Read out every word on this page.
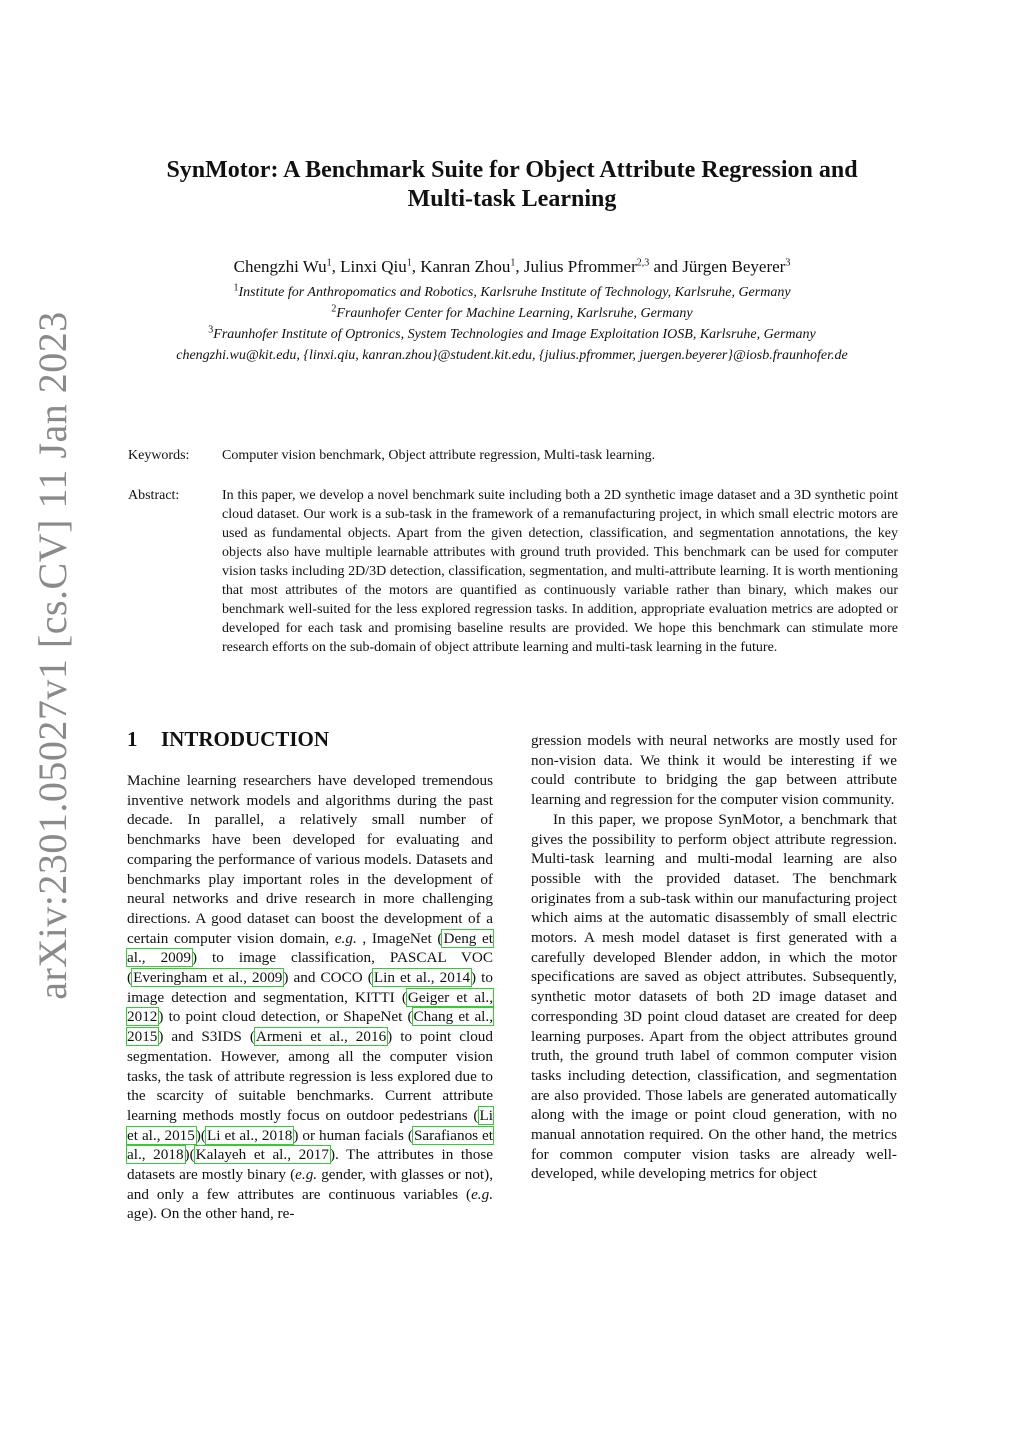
arXiv:2301.05027v1 [cs.CV] 11 Jan 2023
SynMotor: A Benchmark Suite for Object Attribute Regression and
Multi-task Learning
Chengzhi Wu$^1$, Linxi Qiu$^1$, Kanran Zhou$^1$, Julius Pfrommer$^{2,3}$ and Jürgen Beyerer$^3$
$^1$Institute for Anthropomatics and Robotics, Karlsruhe Institute of Technology, Karlsruhe, Germany
$^2$Fraunhofer Center for Machine Learning, Karlsruhe, Germany
$^3$Fraunhofer Institute of Optronics, System Technologies and Image Exploitation IOSB, Karlsruhe, Germany
chengzhi.wu@kit.edu, {linxi.qiu, kanran.zhou}@student.kit.edu, {julius.pfrommer, juergen.beyerer}@iosb.fraunhofer.de
Keywords: Computer vision benchmark, Object attribute regression, Multi-task learning.

Abstract:	In this paper, we develop a novel benchmark suite including both a 2D synthetic image dataset and a 3D synthetic point cloud dataset. Our work is a sub-task in the framework of a remanufacturing project, in which small electric motors are used as fundamental objects. Apart from the given detection, classification, and segmentation annotations, the key objects also have multiple learnable attributes with ground truth provided. This benchmark can be used for computer vision tasks including 2D/3D detection, classification, segmentation, and multi-attribute learning. It is worth mentioning that most attributes of the motors are quantified as continuously variable rather than binary, which makes our benchmark well-suited for the less explored regression tasks. In addition, appropriate evaluation metrics are adopted or developed for each task and promising baseline results are provided. We hope this benchmark can stimulate more research efforts on the sub-domain of object attribute learning and multi-task learning in the future.

1	INTRODUCTION

Machine learning researchers have developed tremendous inventive network models and algorithms during the past decade. In parallel, a relatively small number of benchmarks have been developed for evaluating and comparing the performance of various models. Datasets and benchmarks play important roles in the development of neural networks and drive research in more challenging directions. A good dataset can boost the development of a certain computer vision domain, e.g. , ImageNet (Deng et al., 2009) to image classification, PASCAL VOC (Everingham et al., 2009) and COCO (Lin et al., 2014) to image detection and segmentation, KITTI (Geiger et al., 2012) to point cloud detection, or ShapeNet (Chang et al., 2015) and S3IDS (Armeni et al., 2016) to point cloud segmentation. However, among all the computer vision tasks, the task of attribute regression is less explored due to the scarcity of suitable benchmarks. Current attribute learning methods mostly focus on outdoor pedestrians (Li et al., 2015)(Li et al., 2018) or human facials (Sarafianos et al., 2018)(Kalayeh et al., 2017). The attributes in those datasets are mostly binary (e.g. gender, with glasses or not), and only a few attributes are continuous variables (e.g. age). On the other hand, re-

gression models with neural networks are mostly used for non-vision data. We think it would be interesting if we could contribute to bridging the gap between attribute learning and regression for the computer vision community.

In this paper, we propose SynMotor, a benchmark that gives the possibility to perform object attribute regression. Multi-task learning and multi-modal learning are also possible with the provided dataset. The benchmark originates from a sub-task within our manufacturing project which aims at the automatic disassembly of small electric motors. A mesh model dataset is first generated with a carefully developed Blender addon, in which the motor specifications are saved as object attributes. Subsequently, synthetic motor datasets of both 2D image dataset and corresponding 3D point cloud dataset are created for deep learning purposes. Apart from the object attributes ground truth, the ground truth label of common computer vision tasks including detection, classification, and segmentation are also provided. Those labels are generated automatically along with the image or point cloud generation, with no manual annotation required. On the other hand, the metrics for common computer vision tasks are already well-developed, while developing metrics for object
